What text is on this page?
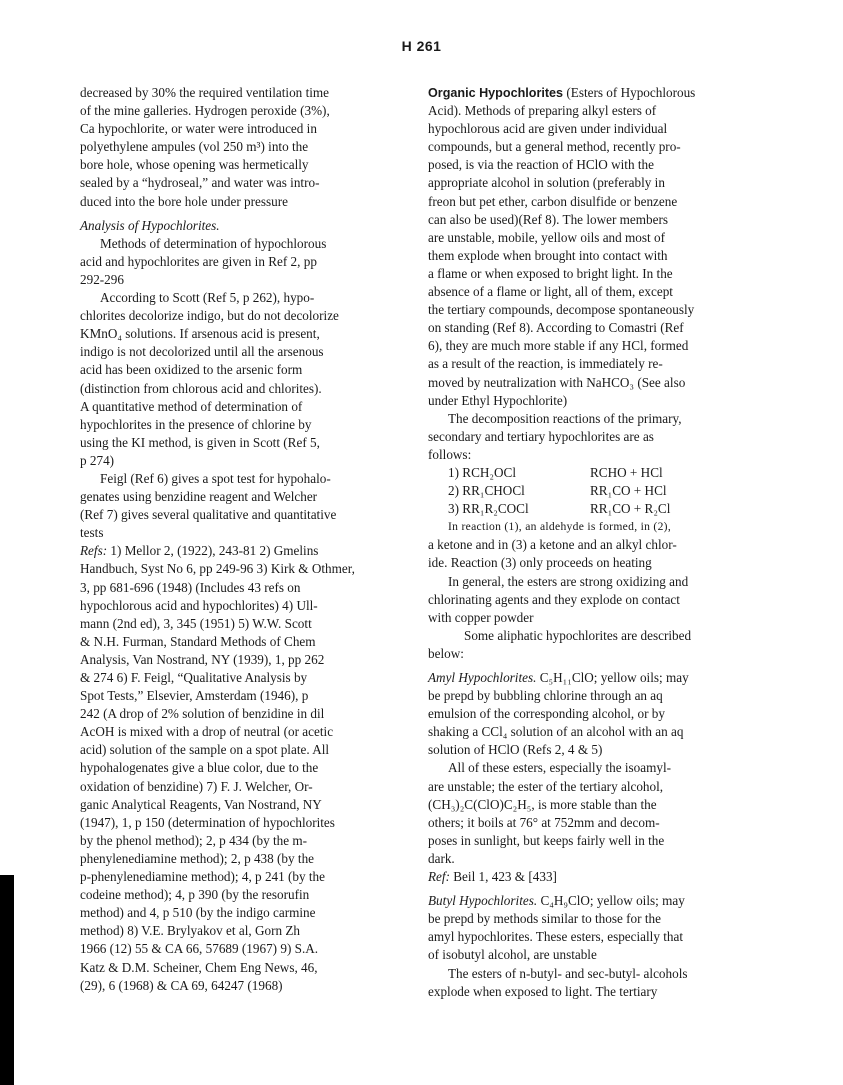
H 261
decreased by 30% the required ventilation time
of the mine galleries. Hydrogen peroxide (3%),
Ca hypochlorite, or water were introduced in
polyethylene ampules (vol 250 m³) into the
bore hole, whose opening was hermetically
sealed by a “hydroseal,” and water was intro-
duced into the bore hole under pressure
Analysis of Hypochlorites.
Methods of determination of hypochlorous
acid and hypochlorites are given in Ref 2, pp
292-296
According to Scott (Ref 5, p 262), hypo-
chlorites decolorize indigo, but do not decolorize
KMnO₄ solutions. If arsenous acid is present,
indigo is not decolorized until all the arsenous
acid has been oxidized to the arsenic form
(distinction from chlorous acid and chlorites).
A quantitative method of determination of
hypochlorites in the presence of chlorine by
using the KI method, is given in Scott (Ref 5,
p 274)
Feigl (Ref 6) gives a spot test for hypohalo-
genates using benzidine reagent and Welcher
(Ref 7) gives several qualitative and quantitative
tests
Refs: 1) Mellor 2, (1922), 243-81 2) Gmelins
Handbuch, Syst No 6, pp 249-96 3) Kirk & Othmer,
3, pp 681-696 (1948) (Includes 43 refs on
hypochlorous acid and hypochlorites) 4) Ull-
mann (2nd ed), 3, 345 (1951) 5) W.W. Scott
& N.H. Furman, Standard Methods of Chem
Analysis, Van Nostrand, NY (1939), 1, pp 262
& 274 6) F. Feigl, “Qualitative Analysis by
Spot Tests,” Elsevier, Amsterdam (1946), p
242 (A drop of 2% solution of benzidine in dil
AcOH is mixed with a drop of neutral (or acetic
acid) solution of the sample on a spot plate. All
hypohalogenates give a blue color, due to the
oxidation of benzidine) 7) F. J. Welcher, Or-
ganic Analytical Reagents, Van Nostrand, NY
(1947), 1, p 150 (determination of hypochlorites
by the phenol method); 2, p 434 (by the m-
phenylenediamine method); 2, p 438 (by the
p-phenylenediamine method); 4, p 241 (by the
codeine method); 4, p 390 (by the resorufin
method) and 4, p 510 (by the indigo carmine
method) 8) V.E. Brylyakov et al, Gorn Zh
1966 (12) 55 & CA 66, 57689 (1967) 9) S.A.
Katz & D.M. Scheiner, Chem Eng News, 46,
(29), 6 (1968) & CA 69, 64247 (1968)
Organic Hypochlorites (Esters of Hypochlorous
Acid). Methods of preparing alkyl esters of
hypochlorous acid are given under individual
compounds, but a general method, recently pro-
posed, is via the reaction of HClO with the
appropriate alcohol in solution (preferably in
freon but pet ether, carbon disulfide or benzene
can also be used)(Ref 8). The lower members
are unstable, mobile, yellow oils and most of
them explode when brought into contact with
a flame or when exposed to bright light. In the
absence of a flame or light, all of them, except
the tertiary compounds, decompose spontaneously
on standing (Ref 8). According to Comastri (Ref
6), they are much more stable if any HCl, formed
as a result of the reaction, is immediately re-
moved by neutralization with NaHCO₃ (See also
under Ethyl Hypochlorite)
The decomposition reactions of the primary,
secondary and tertiary hypochlorites are as
follows:
1) RCH₂OCl	RCHO + HCl
2) RR₁CHOCl	RR₁CO + HCl
3) RR₁R₂COCl	RR₁CO + R₂Cl
In reaction (1), an aldehyde is formed, in (2),
a ketone and in (3) a ketone and an alkyl chlor-
ide. Reaction (3) only proceeds on heating
In general, the esters are strong oxidizing and
chlorinating agents and they explode on contact
with copper powder
Some aliphatic hypochlorites are described
below:
Amyl Hypochlorites. C₅H₁₁ClO; yellow oils; may
be prepd by bubbling chlorine through an aq
emulsion of the corresponding alcohol, or by
shaking a CCl₄ solution of an alcohol with an aq
solution of HClO (Refs 2, 4 & 5)
All of these esters, especially the isoamyl-
are unstable; the ester of the tertiary alcohol,
(CH₃)₂C(ClO)C₂H₅, is more stable than the
others; it boils at 76° at 752mm and decom-
poses in sunlight, but keeps fairly well in the
dark.
Ref: Beil 1, 423 & [433]
Butyl Hypochlorites. C₄H₉ClO; yellow oils; may
be prepd by methods similar to those for the
amyl hypochlorites. These esters, especially that
of isobutyl alcohol, are unstable
The esters of n-butyl- and sec-butyl- alcohols
explode when exposed to light. The tertiary
